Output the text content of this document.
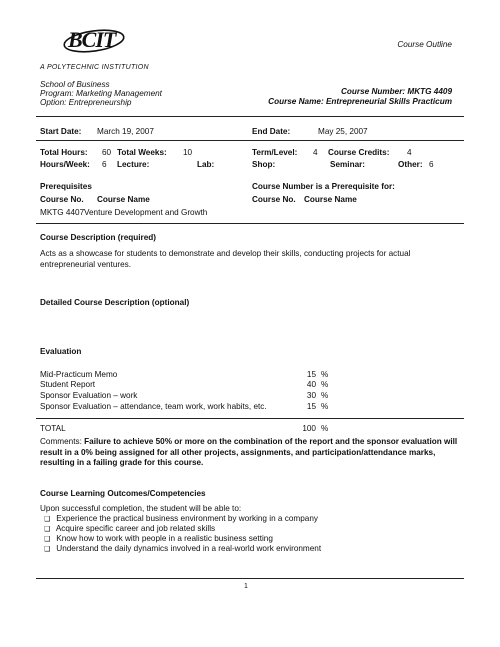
BCIT
A POLYTECHNIC INSTITUTION
Course Outline
School of Business
Program: Marketing Management
Option: Entrepreneurship
Course Number: MKTG 4409
Course Name: Entrepreneurial Skills Practicum
Start Date: March 19, 2007	End Date:	May 25, 2007
Total Hours: 60 Total Weeks: 10	Term/Level: 4 Course Credits: 4
Hours/Week: 6 Lecture:	Lab:	Shop:	Seminar:	Other: 6
Prerequisites
Course No. Course Name
MKTG 4407 Venture Development and Growth
Course Number is a Prerequisite for:
Course No. Course Name
Course Description (required)
Acts as a showcase for students to demonstrate and develop their skills, conducting projects for actual entrepreneurial ventures.
Detailed Course Description (optional)
Evaluation
Mid-Practicum Memo	15 %
Student Report	40 %
Sponsor Evaluation – work	30 %
Sponsor Evaluation – attendance, team work, work habits, etc.	15 %
TOTAL	100 %
Comments: Failure to achieve 50% or more on the combination of the report and the sponsor evaluation will result in a 0% being assigned for all other projects, assignments, and participation/attendance marks, resulting in a failing grade for this course.
Course Learning Outcomes/Competencies
Upon successful completion, the student will be able to:
❑ Experience the practical business environment by working in a company
❑ Acquire specific career and job related skills
❑ Know how to work with people in a realistic business setting
❑ Understand the daily dynamics involved in a real-world work environment
1
